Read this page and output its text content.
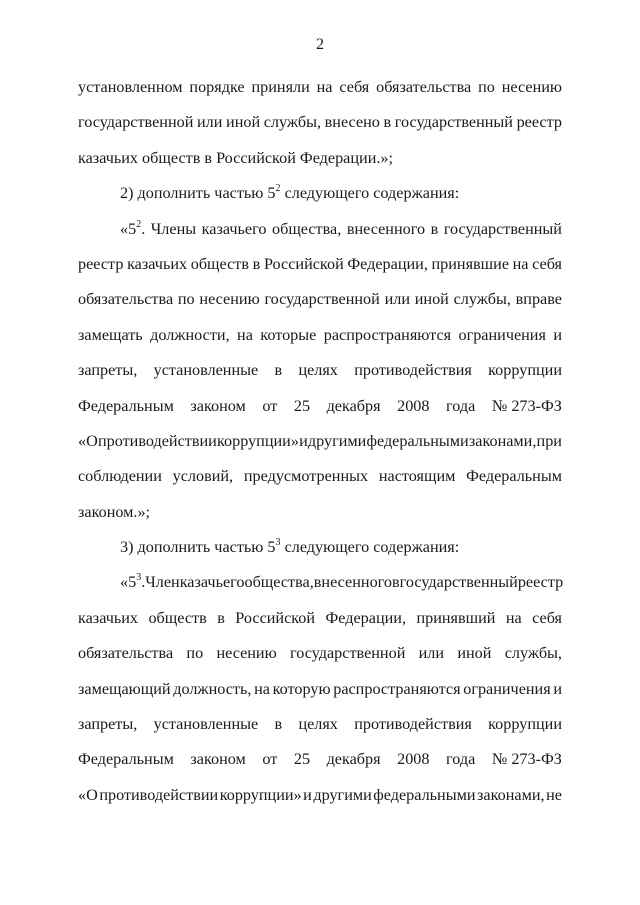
2
установленном порядке приняли на себя обязательства по несению
государственной или иной службы, внесено в государственный реестр
казачьих обществ в Российской Федерации.»;
2) дополнить частью $5^2$ следующего содержания:
«$5^2$. Члены казачьего общества, внесенного в государственный
реестр казачьих обществ в Российской Федерации, принявшие на себя
обязательства по несению государственной или иной службы, вправе
замещать должности, на которые распространяются ограничения и
запреты, установленные в целях противодействия коррупции
Федеральным законом от 25 декабря 2008 года № 273-ФЗ
«О противодействии коррупции» и другими федеральными законами, при
соблюдении условий, предусмотренных настоящим Федеральным
законом.»;
3) дополнить частью $5^3$ следующего содержания:
«$5^3$. Член казачьего общества, внесенного в государственный реестр
казачьих обществ в Российской Федерации, принявший на себя
обязательства по несению государственной или иной службы,
замещающий должность, на которую распространяются ограничения и
запреты, установленные в целях противодействия коррупции
Федеральным законом от 25 декабря 2008 года № 273-ФЗ
«О противодействии коррупции» и другими федеральными законами, не
